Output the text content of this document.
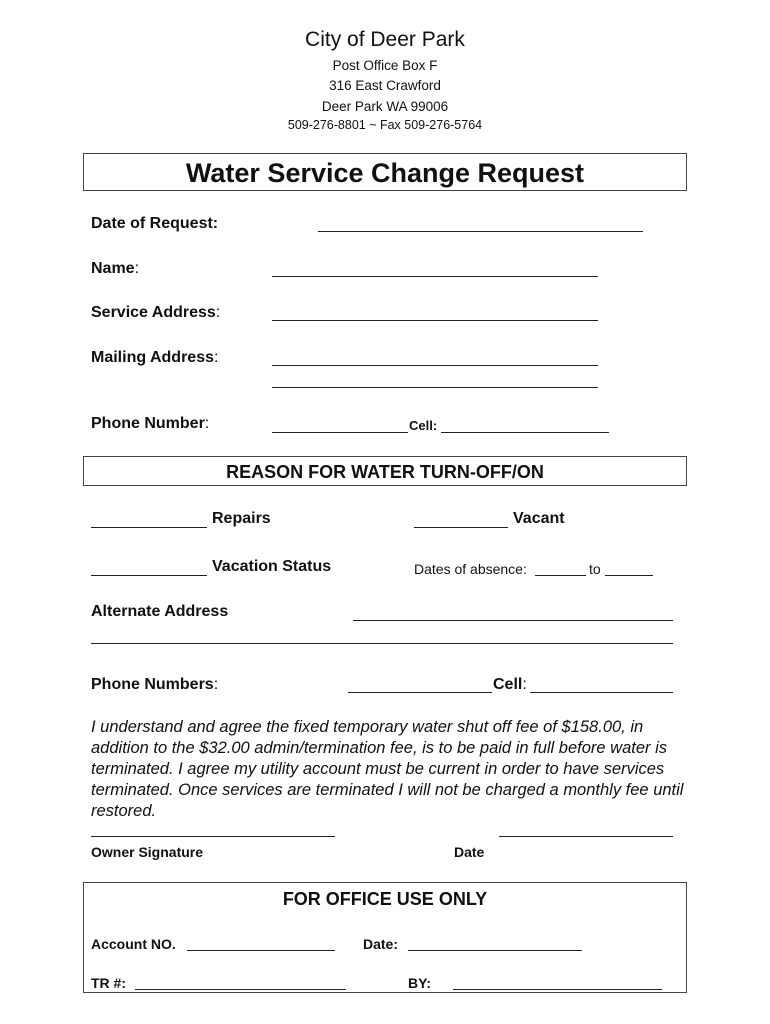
City of Deer Park
Post Office Box F
316 East Crawford
Deer Park WA 99006
509-276-8801 ~ Fax 509-276-5764
Water Service Change Request
Date of Request:
Name:
Service Address:
Mailing Address:
Phone Number:	Cell:
REASON FOR WATER TURN-OFF/ON
Repairs	Vacant
Vacation Status	Dates of absence:	to
Alternate Address
Phone Numbers:	Cell:
I understand and agree the fixed temporary water shut off fee of $158.00, in addition to the $32.00 admin/termination fee, is to be paid in full before water is terminated. I agree my utility account must be current in order to have services terminated. Once services are terminated I will not be charged a monthly fee until restored.
Owner Signature	Date
FOR OFFICE USE ONLY
Account NO.	Date:
TR #:	BY:
